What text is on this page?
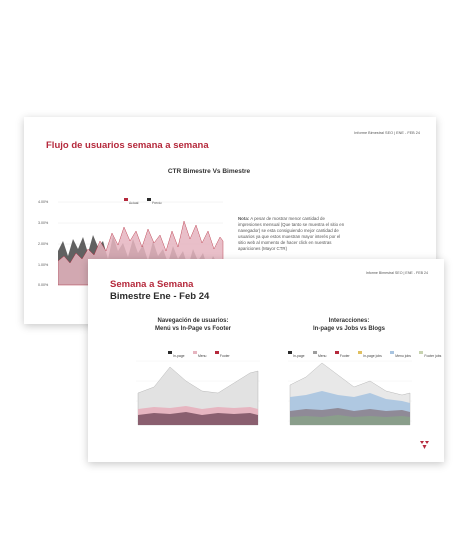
Informe Bimestral SEO | ENE - FEB 24
Flujo de usuarios semana a semana
CTR Bimestre Vs Bimestre
Actual	Previo
4.00%
3.00%
2.00%
1.00%
0.00%
Nota: A pesar de mostrar menor cantidad de impresiones mensual (Que tanto se muestra el sitio en navegador) se esta consiguiendo mejor cantidad de usuarios ya que estos muestran mayor interés por el sitio web al momento de hacer click en nuestras apariciones (Mayor CTR)
Informe Bimestral SEO | ENE - FEB 24
Semana a Semana
Bimestre Ene - Feb 24
Navegación de usuarios:
Menú vs In-Page vs Footer
In-page	Menu	Footer
Interacciones:
In-page vs Jobs vs Blogs
In-page	Menu	Footer	In-page jobs	Menu jobs	Footer jobs
